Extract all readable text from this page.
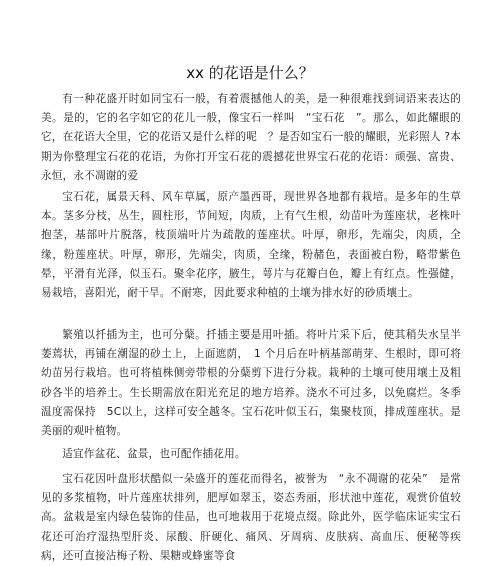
xx 的花语是什么？
有一种花盛开时如同宝石一般，有着震撼他人的美，是一种很难找到词语来表达的美。是的，它的名字如它的花儿一般，像宝石一样叫　“宝石花　”。那么，如此耀眼的它，在花语大全里，它的花语又是什么样的呢　？是否如宝石一般的耀眼，光彩照人 ?本期为你整理宝石花的花语，为你打开宝石花的震撼花世界宝石花的花语：顽强、富贵、永恒，永不凋谢的爱
宝石花，属景天科、风车草属，原产墨西哥，现世界各地都有栽培。是多年的生草本。茎多分枝，丛生，圆柱形，节间短，肉质，上有气生根，幼苗叶为莲座状，老株叶抱茎，基部叶片脱落，枝顶端叶片为疏散的莲座状。叶厚，卵形，先端尖，肉质，全缘，粉莲座状。叶厚，卵形，先端尖，肉质，全缘，粉赭色，表面被白粉，略带紫色晕，平滑有光泽，似玉石。聚伞花序，腋生，萼片与花瓣白色，瓣上有红点。性强健，易栽培，喜阳光，耐干旱。不耐寒，因此要求种植的土壤为排水好的砂质壤土。
繁殖以扦插为主，也可分蘖。扦插主要是用叶插。将叶片采下后，使其稍失水呈半萎蔫状，再铺在潮湿的砂土上，上面遮荫，　1 个月后在叶柄基部萌芽、生根时，即可将幼苗另行栽培。也可将植株侧旁带根的分蘖剪下进行分栽。栽种的土壤可使用壤土及粗砂各半的培养土。生长期需放在阳光充足的地方培养。浇水不可过多，以免腐烂。冬季温度需保持　5C以上，这样可安全越冬。宝石花叶似玉石，集聚枝顶，排成莲座状。是美丽的观叶植物。
适宜作盆花、盆景，也可配作插花用。
宝石花因叶盘形状酷似一朵盛开的莲花而得名，被誉为　“永不凋谢的花朵”　是常见的多浆植物，叶片莲座状排列，肥厚如翠玉，姿态秀丽，形状池中莲花，观赏价值较高。盆栽是室内绿色装饰的佳品，也可地栽用于花境点缀。除此外，医学临床证实宝石花还可治疗湿热型肝炎、尿酸、肝硬化、痛风、牙周病、皮肤病、高血压、便秘等疾病，还可直接沾梅子粉、果糖或蜂蜜等食
